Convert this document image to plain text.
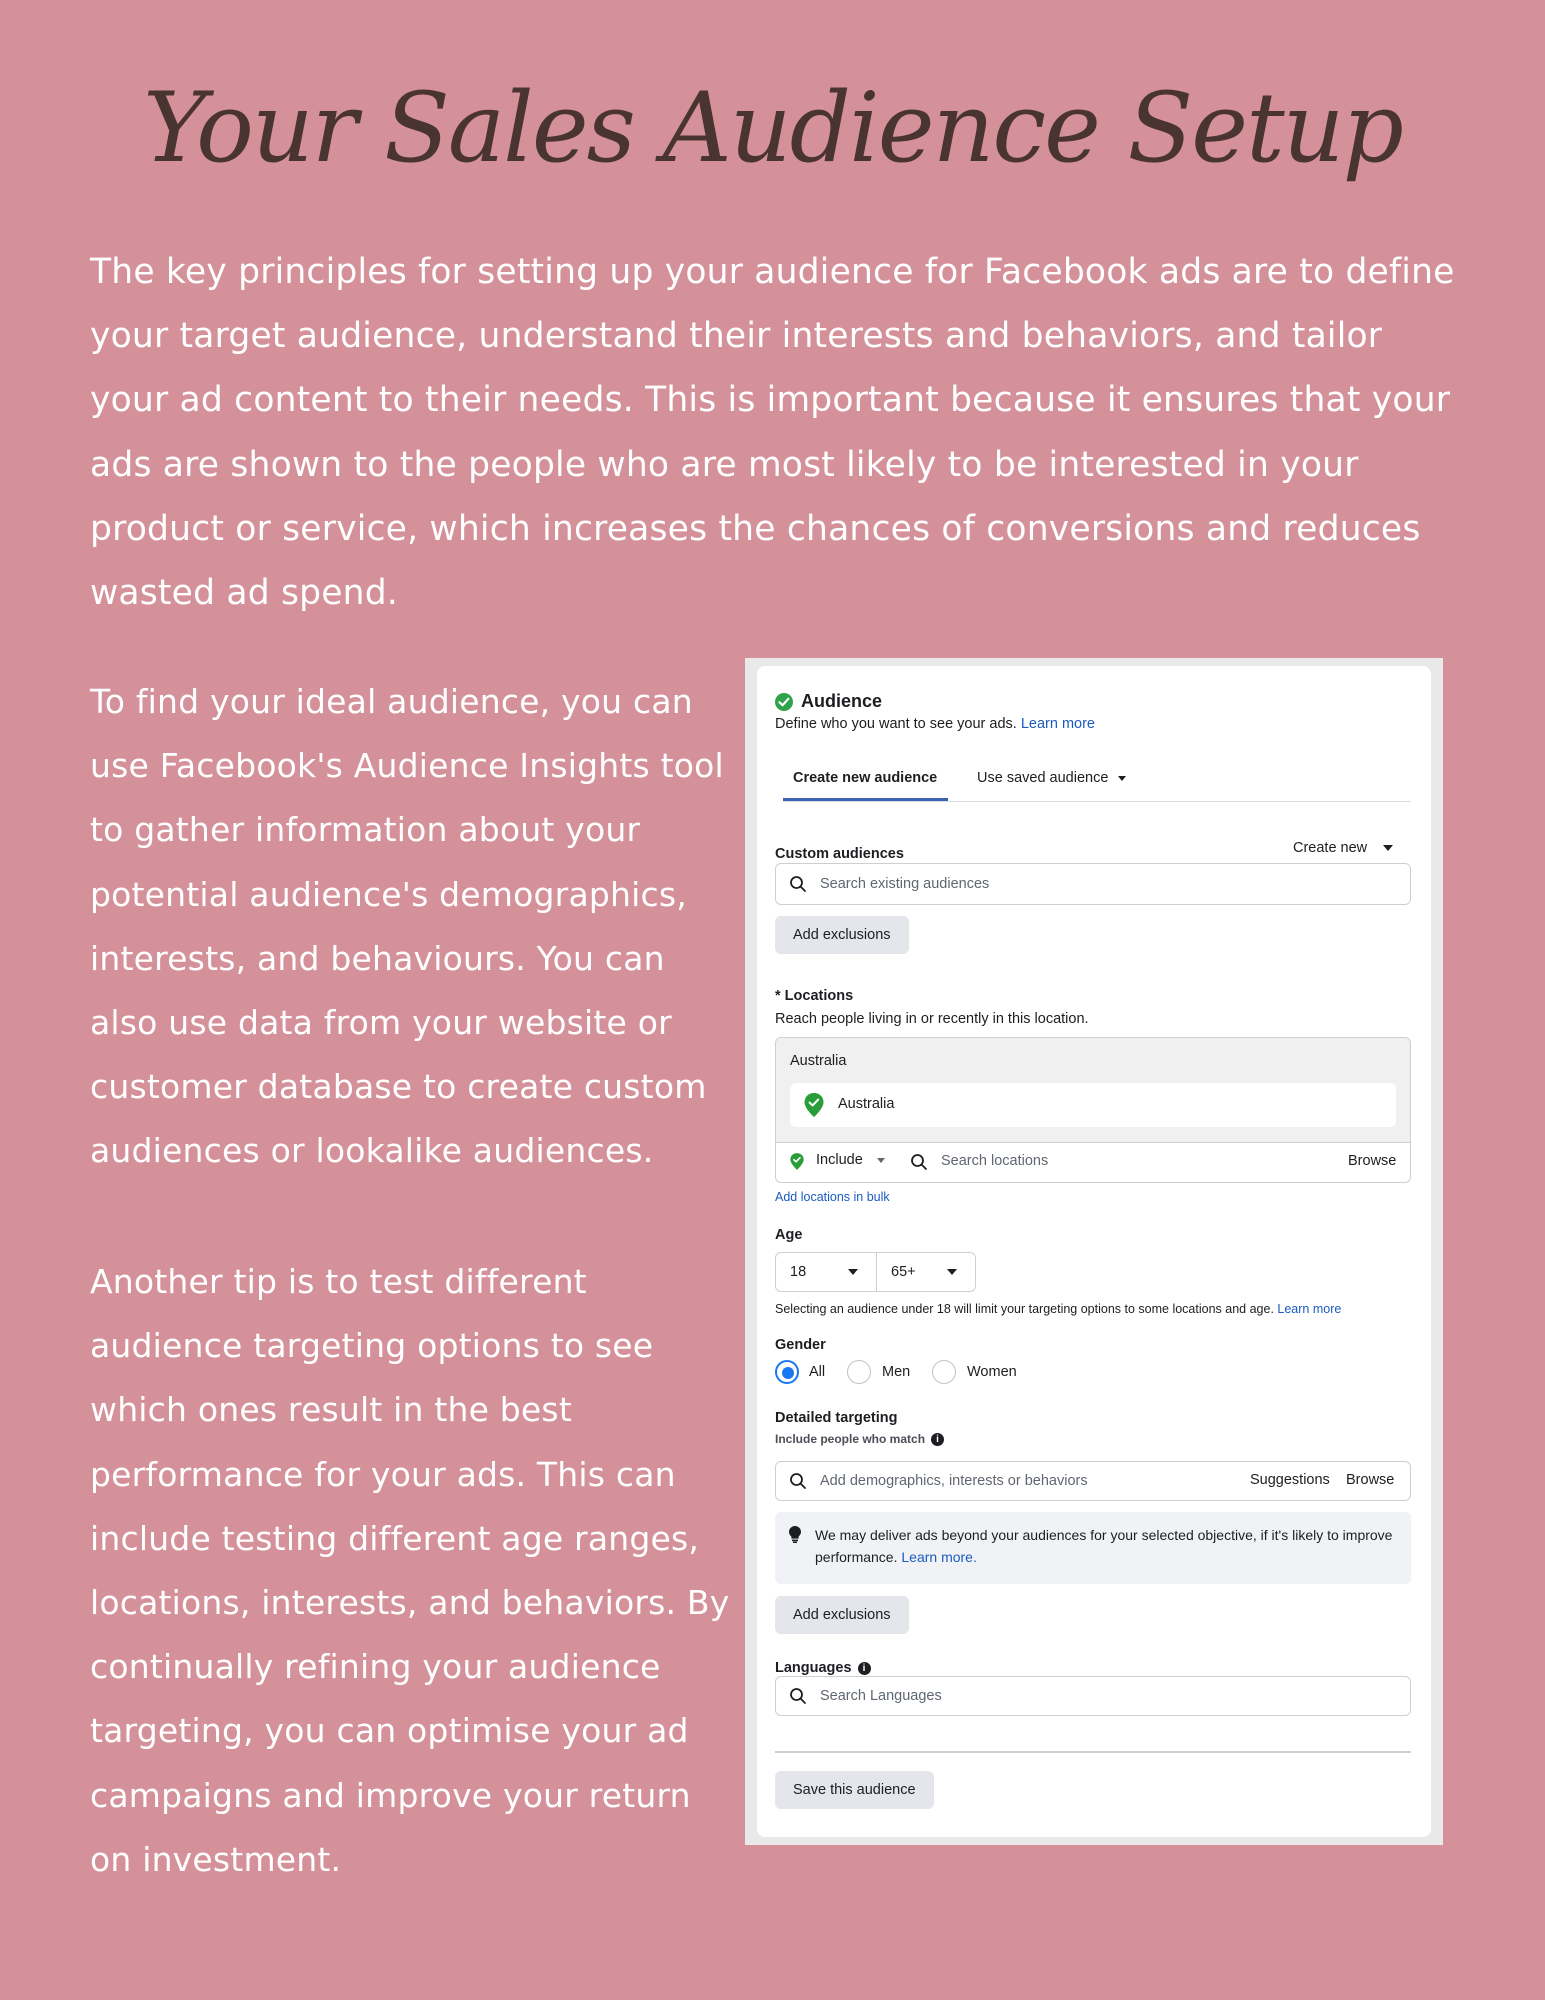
Your Sales Audience Setup

The key principles for setting up your audience for Facebook ads are to define your target audience, understand their interests and behaviors, and tailor your ad content to their needs. This is important because it ensures that your ads are shown to the people who are most likely to be interested in your product or service, which increases the chances of conversions and reduces wasted ad spend.

To find your ideal audience, you can use Facebook's Audience Insights tool to gather information about your potential audience's demographics, interests, and behaviours. You can also use data from your website or customer database to create custom audiences or lookalike audiences.

Another tip is to test different audience targeting options to see which ones result in the best performance for your ads. This can include testing different age ranges, locations, interests, and behaviors. By continually refining your audience targeting, you can optimise your ad campaigns and improve your return on investment.

Audience
Define who you want to see your ads. Learn more
Create new audience	Use saved audience
Custom audiences	Create new
Search existing audiences
Add exclusions
* Locations
Reach people living in or recently in this location.
Australia
Australia
Include	Search locations	Browse
Add locations in bulk
Age
18	65+
Selecting an audience under 18 will limit your targeting options to some locations and age. Learn more
Gender
All	Men	Women
Detailed targeting
Include people who match i
Add demographics, interests or behaviors	Suggestions Browse
We may deliver ads beyond your audiences for your selected objective, if it's likely to improve performance. Learn more.
Add exclusions
Languages i
Search Languages
Save this audience
